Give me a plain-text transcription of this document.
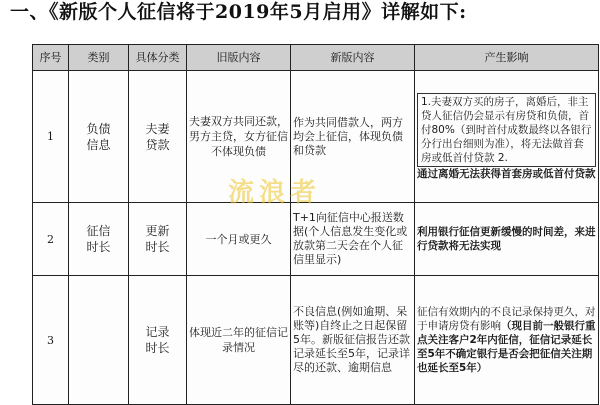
一、《新版个人征信将于2019年5月启用》详解如下:
序号	类别	具体分类	旧版内容	新版内容	产生影响
1	负债信息	夫妻贷款	夫妻双方共同还款，男方主贷，女方征信不体现负债	作为共同借款人，两方均会上征信，体现负债和贷款	1.夫妻双方买的房子，离婚后，非主贷人征信仍会显示有房贷和负债，首付80%（到时首付成数最终以各银行分行出台细则为准），将无法做首套房或低首付贷款 2.
通过离婚无法获得首套房或低首付贷款

2	征信时长	更新时长	一个月或更久	T+1向征信中心报送数据(个人信息发生变化或放款第二天会在个人征信里显示)	利用银行征信更新缓慢的时间差，来进行贷款将无法实现
3		记录时长	体现近二年的征信记录情况	不良信息(例如逾期、呆账等)自终止之日起保留5年。新版征信报告还款记录延长至5年，记录详尽的还款、逾期信息	征信有效期内的不良记录保持更久，对于申请房贷有影响（现目前一般银行重点关注客户2年内征信，征信记录延长至5年不确定银行是否会把征信关注期也延长至5年）
流浪者
